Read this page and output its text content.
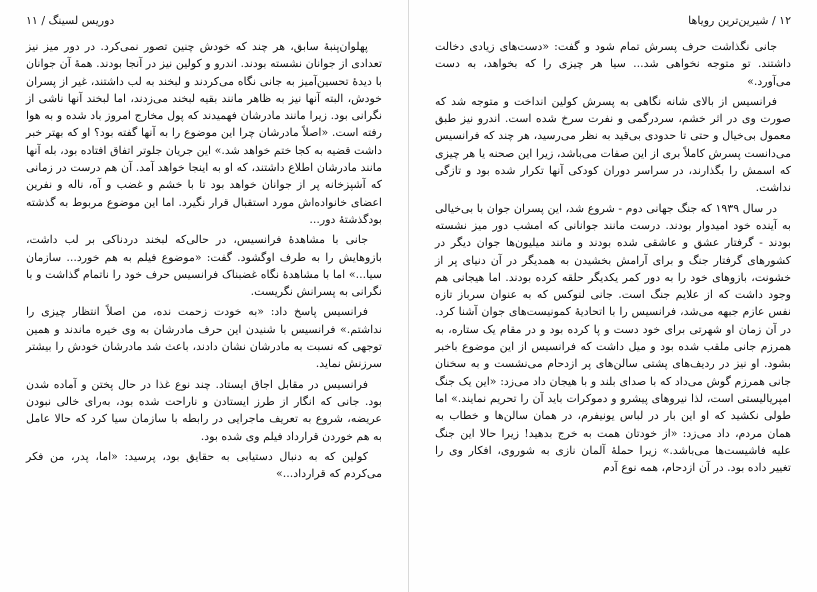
دوریس لسینگ / ۱۱

پهلوان‌پنبهٔ سابق، هر چند که خودش چنین تصور نمی‌کرد. در دور میز نیز تعدادی از جوانان نشسته بودند. اندرو و کولین نیز در آنجا بودند. همهٔ آن جوانان با دیدهٔ تحسین‌آمیز به جانی نگاه می‌کردند و لبخند به لب داشتند، غیر از پسران خودش، البته آنها نیز به ظاهر مانند بقیه لبخند می‌زدند، اما لبخند آنها ناشی از نگرانی بود. زیرا مانند مادرشان فهمیدند که پول مخارج امروز باد شده و به هوا رفته است. «اصلاً مادرشان چرا این موضوع را به آنها گفته بود؟ او که بهتر خبر داشت قضیه به کجا ختم خواهد شد.» این جریان جلوتر اتفاق افتاده بود، بله آنها مانند مادرشان اطلاع داشتند، که او به اینجا خواهد آمد. آن هم درست در زمانی که آشپزخانه پر از جوانان خواهد بود تا با خشم و غضب و آه، ناله و نفرین اعضای خانواده‌اش مورد استقبال قرار نگیرد. اما این موضوع مربوط به گذشته بود‌گذشتهٔ دور...

جانی با مشاهدهٔ فرانسیس، در حالی‌که لبخند دردناکی بر لب داشت، بازوهایش را به طرف او‌گشود. گفت: «موضوع فیلم به هم خورد... سازمان سیا...» اما با مشاهدهٔ نگاه غضبناک فرانسیس حرف خود را ناتمام گذاشت و با نگرانی به پسرانش نگریست.

فرانسیس پاسخ داد: «به خودت زحمت نده، من اصلاً انتظار چیزی را نداشتم.» فرانسیس با شنیدن این حرف مادرشان به وی خیره ماندند و همین توجهی که نسبت به مادرشان نشان دادند، باعث شد مادرشان خودش را بیشتر سرزنش نماید.

فرانسیس در مقابل اجاق ایستاد. چند نوع غذا در حال پختن و آماده شدن بود. جانی که انگار از طرز ایستادن و ناراحت شده بود، به‌رای خالی نبودن عریضه، شروع به تعریف ماجرایی در رابطه با سازمان سیا کرد که حالا عامل به هم خوردن قرارداد فیلم وی شده بود.

کولین که به دنبال دستیابی به حقایق بود، پرسید: «اما، پدر، من فکر می‌کردم که قرارداد...»

۱۲ / شیرین‌ترین رویاها

جانی نگذاشت حرف پسرش تمام شود و گفت: «دست‌های زیادی دخالت داشتند. تو متوجه نخواهی شد... سیا هر چیزی را که بخواهد، به دست می‌آورد.»

فرانسیس از بالای شانه نگاهی به پسرش کولین انداخت و متوجه شد که صورت وی در اثر خشم، سردرگمی و نفرت سرخ شده است. اندرو نیز طبق معمول بی‌خیال و حتی تا حدودی بی‌قید به نظر می‌رسید، هر چند که فرانسیس می‌دانست پسرش کاملاً بری از این صفات می‌باشد، زیرا این صحنه یا هر چیزی که اسمش را بگذارند، در سراسر دوران کودکی آنها تکرار شده بود و تازگی نداشت.

در سال ۱۹۳۹ که جنگ جهانی دوم - شروع شد، این پسران جوان با بی‌خیالی به آینده خود امیدوار بودند. درست مانند جوانانی که امشب دور میز نشسته بودند - گرفتار عشق و عاشقی شده بودند و مانند میلیون‌ها جوان دیگر در کشورهای گرفتار جنگ و برای آرامش بخشیدن به همدیگر در آن دنیای پر از خشونت، بازوهای خود را به دور کمر یکدیگر حلقه کرده بودند. اما هیجانی هم وجود داشت که از علایم جنگ است. جانی لنوکس که به عنوان سرباز تازه نفس عازم جبهه می‌شد، فرانسیس را با اتحادیهٔ کمونیست‌های جوان آشنا کرد. در آن زمان او شهرتی برای خود دست و پا کرده بود و در مقام یک ستاره، به همرزم جانی ملقب شده بود و میل داشت که فرانسیس از این موضوع باخبر بشود. او نیز در ردیف‌های پشتی سالن‌های پر ازدحام می‌نشست و به سخنان جانی همرزم گوش می‌داد که با صدای بلند و با هیجان داد می‌زد: «این یک جنگ امپریالیستی است، لذا نیروهای پیشرو و دموکرات باید آن را تحریم نمایند.» اما طولی نکشید که او این بار در لباس یونیفرم، در همان سالن‌ها و خطاب به همان مردم، داد می‌زد: «از خودتان همت به خرج بدهید! زیرا حالا این جنگ علیه فاشیست‌ها می‌باشد.» زیرا حملهٔ آلمان نازی به شوروی، افکار وی را تغییر داده بود. در آن ازدحام، همه نوع آدم
